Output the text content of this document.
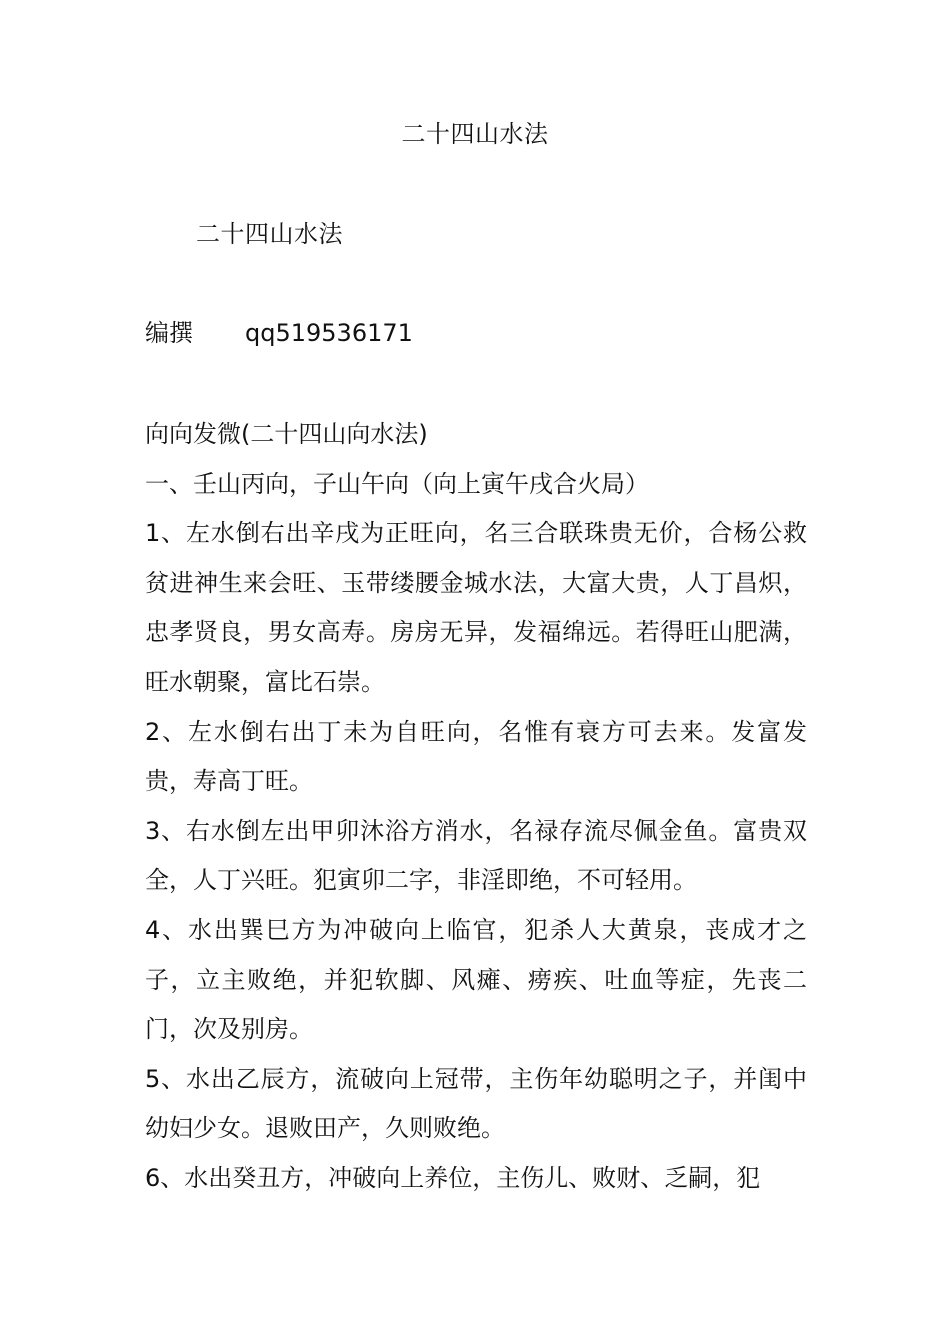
二十四山水法
二十四山水法
编撰 qq519536171

向向发微(二十四山向水法)

一、壬山丙向，子山午向（向上寅午戌合火局）

1、左水倒右出辛戌为正旺向，名三合联珠贵无价，合杨公救贫进神生来会旺、玉带缕腰金城水法，大富大贵，人丁昌炽，忠孝贤良，男女高寿。房房无异，发福绵远。若得旺山肥满，旺水朝聚，富比石崇。

2、左水倒右出丁未为自旺向，名惟有衰方可去来。发富发贵，寿高丁旺。

3、右水倒左出甲卯沐浴方消水，名禄存流尽佩金鱼。富贵双全，人丁兴旺。犯寅卯二字，非淫即绝，不可轻用。

4、水出巽巳方为冲破向上临官，犯杀人大黄泉，丧成才之子，立主败绝，并犯软脚、风瘫、痨疾、吐血等症，先丧二门，次及别房。

5、水出乙辰方，流破向上冠带，主伤年幼聪明之子，并闺中幼妇少女。退败田产，久则败绝。

6、水出癸丑方，冲破向上养位，主伤儿、败财、乏嗣，犯
